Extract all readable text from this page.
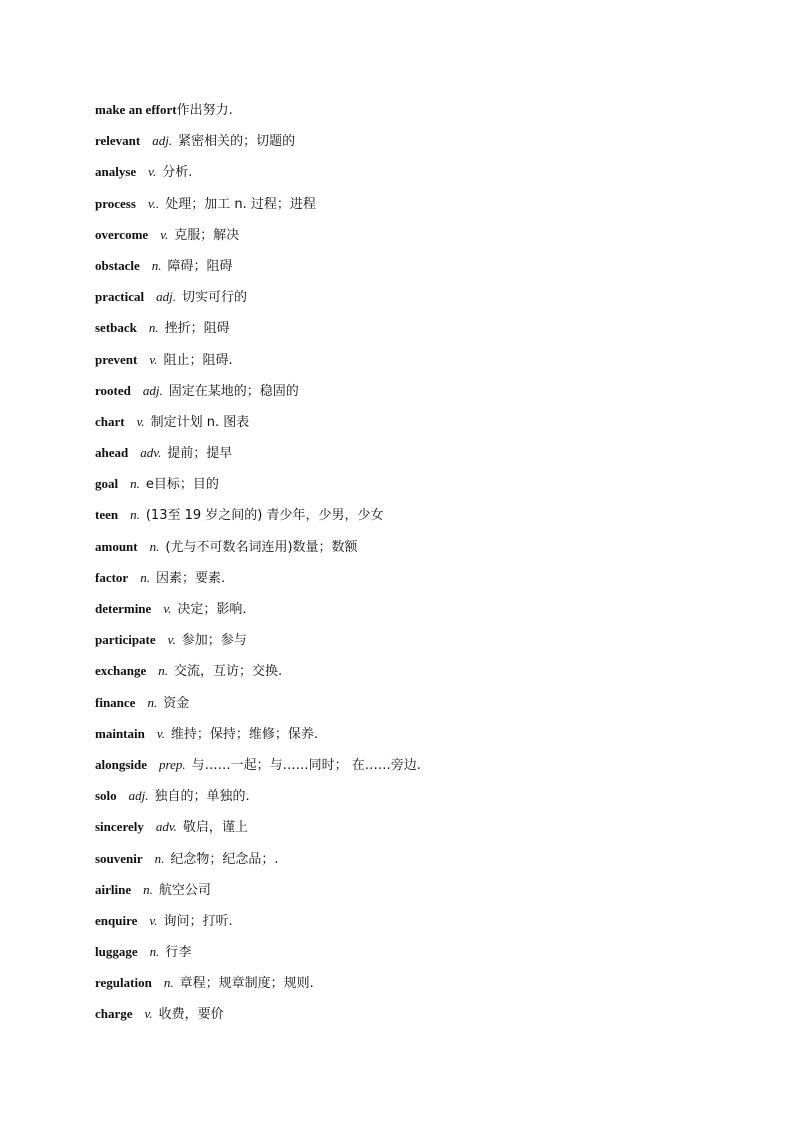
make an effort作出努力.
relevant adj. 紧密相关的；切题的
analyse v. 分析.
process v.. 处理；加工 n. 过程；进程
overcome v. 克服；解决
obstacle n. 障碍；阻碍
practical adj. 切实可行的
setback n. 挫折；阻碍
prevent v. 阻止；阻碍.
rooted adj. 固定在某地的；稳固的
chart v. 制定计划 n. 图表
ahead adv. 提前；提早
goal n. e目标；目的
teen n. (13至 19 岁之间的) 青少年，少男，少女
amount n. (尤与不可数名词连用)数量；数额
factor n. 因素；要素.
determine v. 决定；影响.
participate v. 参加；参与
exchange n. 交流，互访；交换.
finance n. 资金
maintain v. 维持；保持；维修；保养.
alongside prep. 与……一起；与……同时； 在……旁边.
solo adj. 独自的；单独的.
sincerely adv. 敬启，谨上
souvenir n. 纪念物；纪念品；.
airline n. 航空公司
enquire v. 询问；打听.
luggage n. 行李
regulation n. 章程；规章制度；规则.
charge v. 收费，要价
